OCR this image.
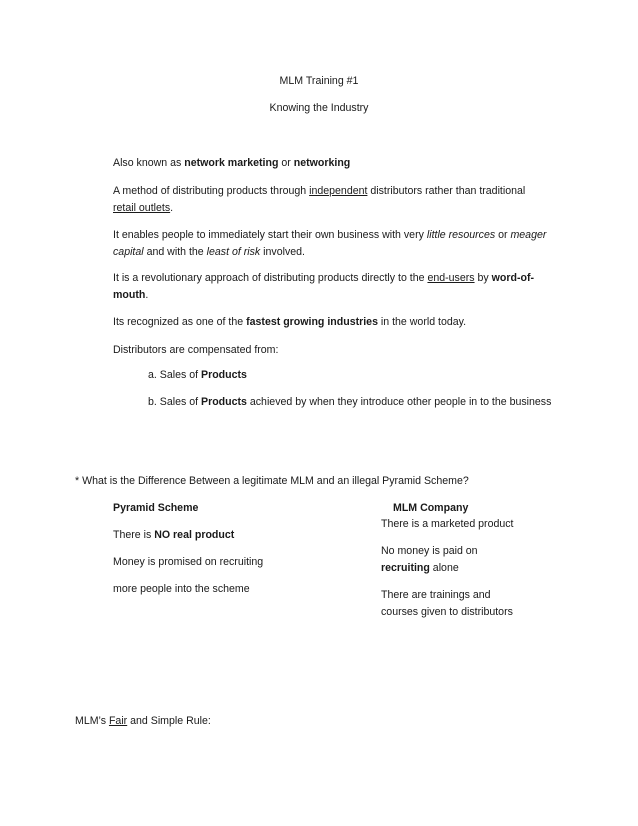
MLM Training #1
Knowing the Industry
Also known as network marketing or networking
A method of distributing products through independent distributors rather than traditional
retail outlets.
It enables people to immediately start their own business with very little resources or meager
capital and with the least of risk involved.
It is a revolutionary approach of distributing products directly to the end-users by word-of-
mouth.
Its recognized as one of the fastest growing industries in the world today.
Distributors are compensated from:
a. Sales of Products
b. Sales of Products achieved by when they introduce other people in to the business
* What is the Difference Between a legitimate MLM and an illegal Pyramid Scheme?
Pyramid Scheme
There is NO real product
Money is promised on recruiting
more people into the scheme
MLM Company
There is a marketed product
No money is paid on
recruiting alone
There are trainings and
courses given to distributors
MLM’s Fair and Simple Rule:
